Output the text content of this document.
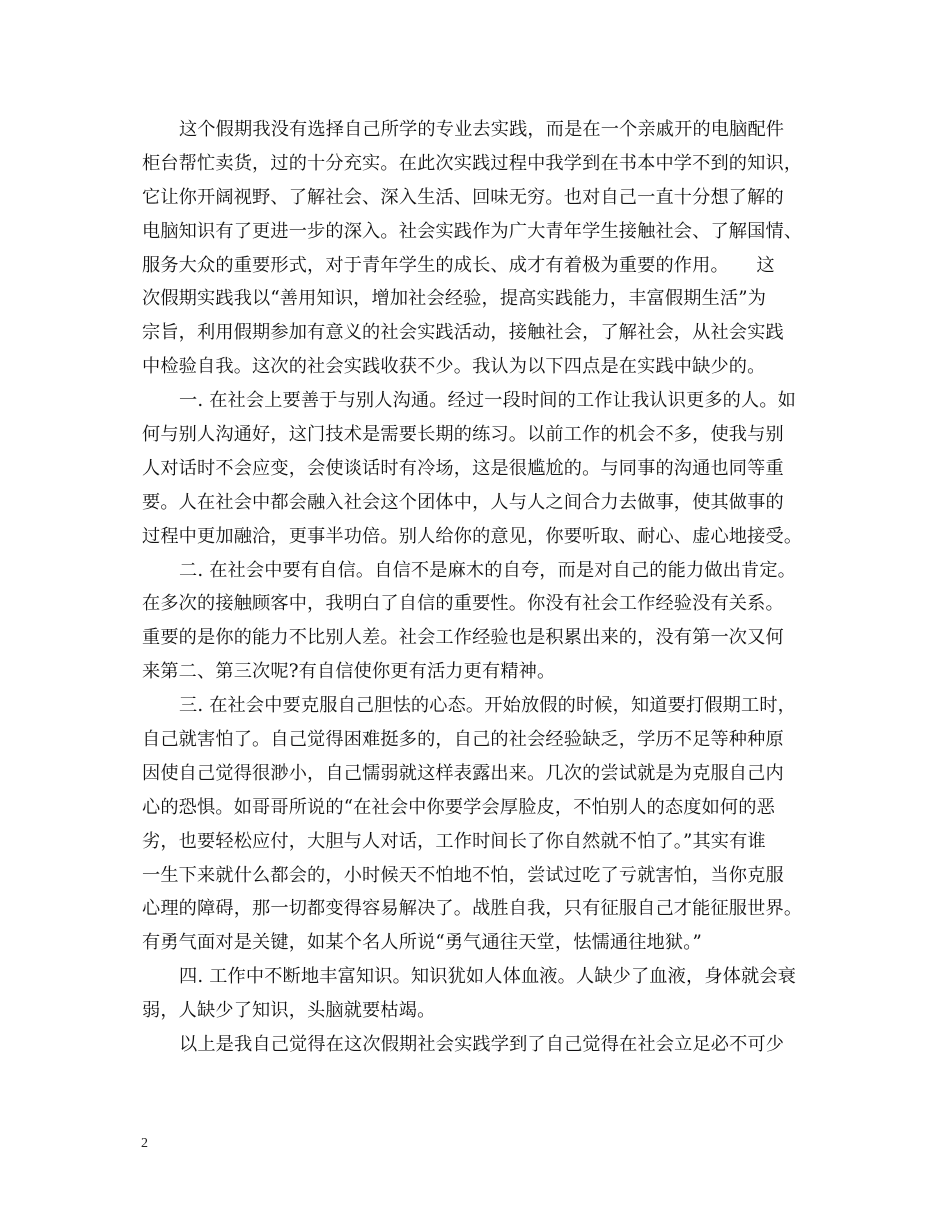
这个假期我没有选择自己所学的专业去实践，而是在一个亲戚开的电脑配件
柜台帮忙卖货，过的十分充实。在此次实践过程中我学到在书本中学不到的知识，
它让你开阔视野、了解社会、深入生活、回味无穷。也对自己一直十分想了解的
电脑知识有了更进一步的深入。社会实践作为广大青年学生接触社会、了解国情、
服务大众的重要形式，对于青年学生的成长、成才有着极为重要的作用。　　这
次假期实践我以“善用知识，增加社会经验，提高实践能力，丰富假期生活”为
宗旨，利用假期参加有意义的社会实践活动，接触社会，了解社会，从社会实践
中检验自我。这次的社会实践收获不少。我认为以下四点是在实践中缺少的。
一. 在社会上要善于与别人沟通。经过一段时间的工作让我认识更多的人。如
何与别人沟通好，这门技术是需要长期的练习。以前工作的机会不多，使我与别
人对话时不会应变，会使谈话时有冷场，这是很尴尬的。与同事的沟通也同等重
要。人在社会中都会融入社会这个团体中，人与人之间合力去做事，使其做事的
过程中更加融洽，更事半功倍。别人给你的意见，你要听取、耐心、虚心地接受。
二. 在社会中要有自信。自信不是麻木的自夸，而是对自己的能力做出肯定。
在多次的接触顾客中，我明白了自信的重要性。你没有社会工作经验没有关系。
重要的是你的能力不比别人差。社会工作经验也是积累出来的，没有第一次又何
来第二、第三次呢?有自信使你更有活力更有精神。
三. 在社会中要克服自己胆怯的心态。开始放假的时候，知道要打假期工时，
自己就害怕了。自己觉得困难挺多的，自己的社会经验缺乏，学历不足等种种原
因使自己觉得很渺小，自己懦弱就这样表露出来。几次的尝试就是为克服自己内
心的恐惧。如哥哥所说的“在社会中你要学会厚脸皮，不怕别人的态度如何的恶
劣，也要轻松应付，大胆与人对话，工作时间长了你自然就不怕了。”其实有谁
一生下来就什么都会的，小时候天不怕地不怕，尝试过吃了亏就害怕，当你克服
心理的障碍，那一切都变得容易解决了。战胜自我，只有征服自己才能征服世界。
有勇气面对是关键，如某个名人所说“勇气通往天堂，怯懦通往地狱。”
四. 工作中不断地丰富知识。知识犹如人体血液。人缺少了血液，身体就会衰
弱，人缺少了知识，头脑就要枯竭。
以上是我自己觉得在这次假期社会实践学到了自己觉得在社会立足必不可少
2
